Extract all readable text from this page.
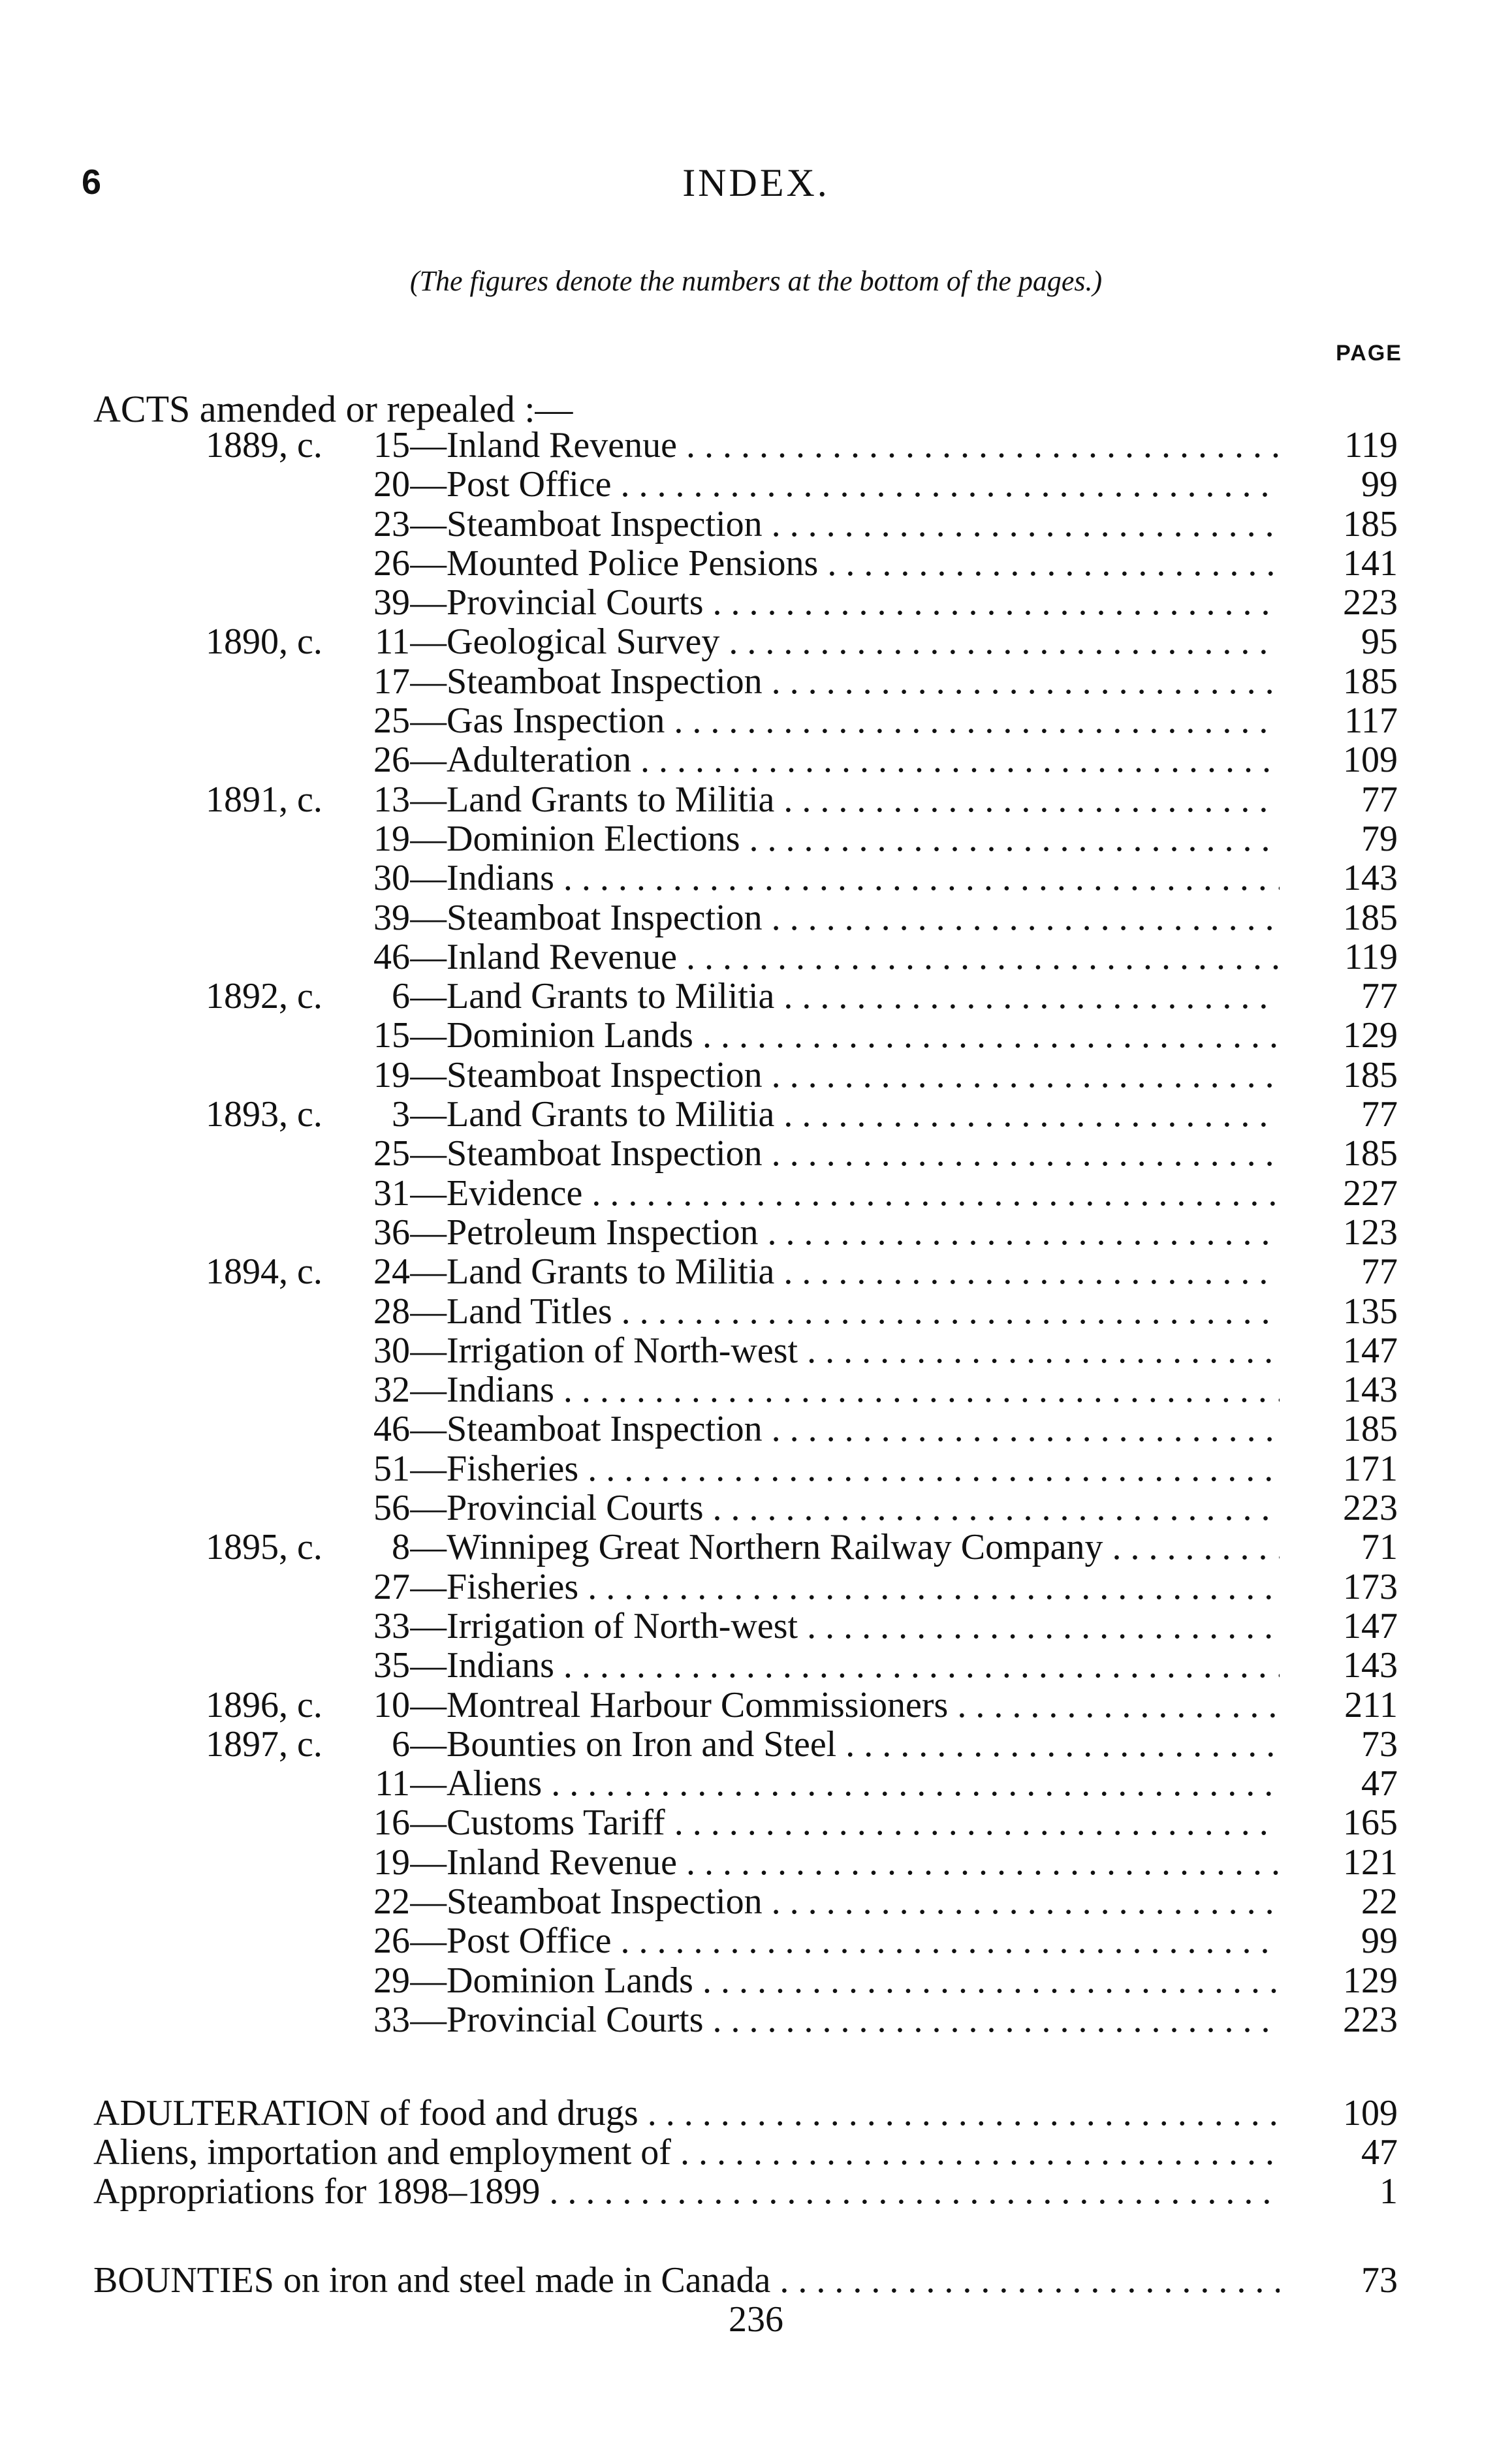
6	INDEX.
(The figures denote the numbers at the bottom of the pages.)
PAGE
ACTS amended or repealed :—
1889, c.	15 —Inland Revenue . . .	119
20 —Post Office . . .	99
23 —Steamboat Inspection . . .	185
26 —Mounted Police Pensions . . .	141
39 —Provincial Courts . . .	223
1890, c.	11 —Geological Survey . . .	95
17 —Steamboat Inspection . . .	185
25 —Gas Inspection . . .	117
26 —Adulteration . . .	109
1891, c.	13 —Land Grants to Militia . . .	77
19 —Dominion Elections . . .	79
30 —Indians . . .	143
39 —Steamboat Inspection . . .	185
46 —Inland Revenue . . .	119
1892, c.	6 —Land Grants to Militia . . .	77
15 —Dominion Lands . . .	129
19 —Steamboat Inspection . . .	185
1893, c.	3 —Land Grants to Militia . . .	77
25 —Steamboat Inspection . . .	185
31 —Evidence . . .	227
36 —Petroleum Inspection . . .	123
1894, c.	24 —Land Grants to Militia . . .	77
28 —Land Titles . . .	135
30 —Irrigation of North-west . . .	147
32 —Indians . . .	143
46 —Steamboat Inspection . . .	185
51 —Fisheries . . .	171
56 —Provincial Courts . . .	223
1895, c.	8 —Winnipeg Great Northern Railway Company . . .	71
27 —Fisheries . . .	173
33 —Irrigation of North-west . . .	147
35 —Indians . . .	143
1896, c.	10 —Montreal Harbour Commissioners . . .	211
1897, c.	6 —Bounties on Iron and Steel . . .	73
11 —Aliens . . .	47
16 —Customs Tariff . . .	165
19 —Inland Revenue . . .	121
22 —Steamboat Inspection . . .	22
26 —Post Office . . .	99
29 —Dominion Lands . . .	129
33 —Provincial Courts . . .	223
ADULTERATION of food and drugs . . .	109
Aliens, importation and employment of . . .	47
Appropriations for 1898–1899 . . .	1
BOUNTIES on iron and steel made in Canada . . .	73
236
